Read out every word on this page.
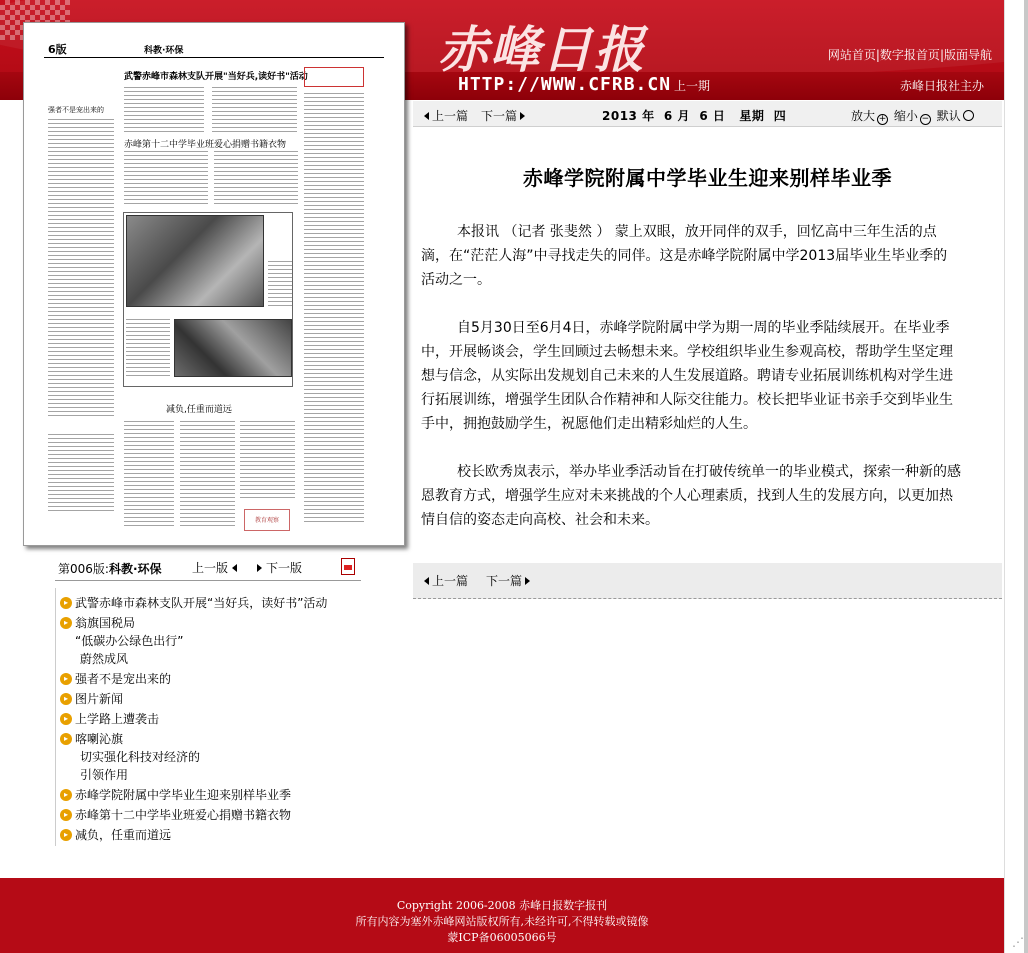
赤峰日报
HTTP://WWW.CFRB.CN
网站首页|数字报首页|版面导航
上一期	赤峰日报社主办
6版	科教·环保
武警赤峰市森林支队开展"当好兵,读好书"活动
赤峰第十二中学毕业班爱心捐赠书籍衣物
减负,任重而道远
强者不是宠出来的
教育观察
第006版:科教·环保	上一版	下一版
▸ 武警赤峰市森林支队开展“当好兵，读好书”活动
▸ 翁旗国税局
“低碳办公绿色出行”
蔚然成风
▸ 强者不是宠出来的
▸ 图片新闻
▸ 上学路上遭袭击
▸ 喀喇沁旗
切实强化科技对经济的
引领作用
▸ 赤峰学院附属中学毕业生迎来别样毕业季
▸ 赤峰第十二中学毕业班爱心捐赠书籍衣物
▸ 减负，任重而道远
上一篇 下一篇	2013 年  6 月  6 日   星期  四	放大 + 缩小 − 默认
赤峰学院附属中学毕业生迎来别样毕业季

本报讯 （记者 张斐然 ） 蒙上双眼，放开同伴的双手，回忆高中三年生活的点滴，在“茫茫人海”中寻找走失的同伴。这是赤峰学院附属中学2013届毕业生毕业季的活动之一。

自5月30日至6月4日，赤峰学院附属中学为期一周的毕业季陆续展开。在毕业季中，开展畅谈会，学生回顾过去畅想未来。学校组织毕业生参观高校，帮助学生坚定理想与信念，从实际出发规划自己未来的人生发展道路。聘请专业拓展训练机构对学生进行拓展训练，增强学生团队合作精神和人际交往能力。校长把毕业证书亲手交到毕业生手中，拥抱鼓励学生，祝愿他们走出精彩灿烂的人生。

校长欧秀岚表示，举办毕业季活动旨在打破传统单一的毕业模式，探索一种新的感恩教育方式，增强学生应对未来挑战的个人心理素质，找到人生的发展方向，以更加热情自信的姿态走向高校、社会和未来。

上一篇 下一篇
Copyright 2006-2008 赤峰日报数字报刊
所有内容为塞外赤峰网站版权所有,未经许可,不得转载或镜像
蒙ICP备06005066号	⋰
